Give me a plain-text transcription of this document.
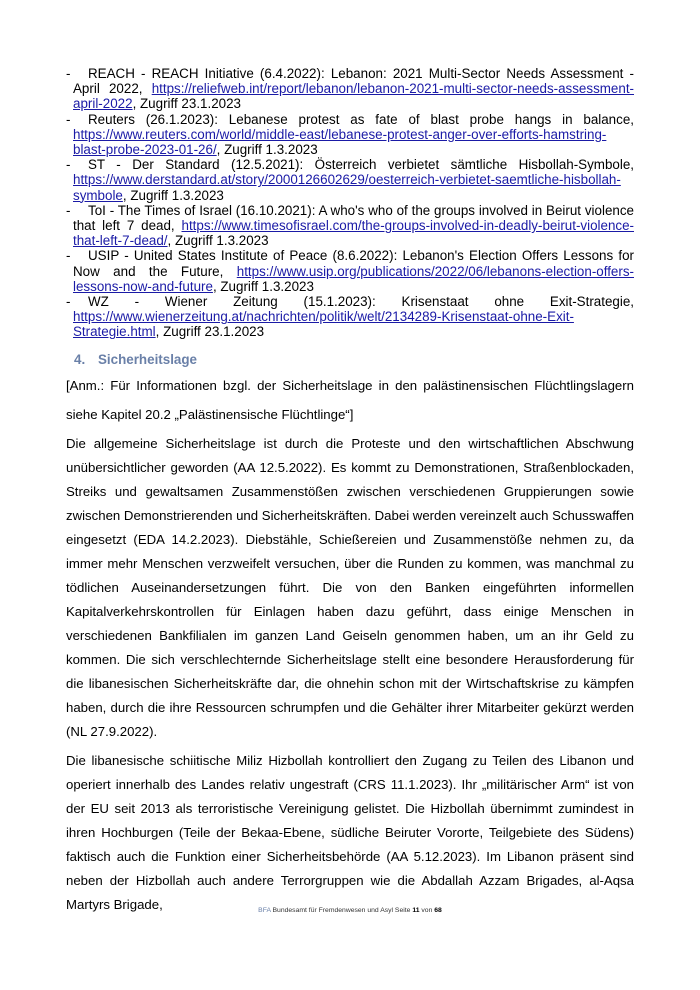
- REACH - REACH Initiative (6.4.2022): Lebanon: 2021 Multi-Sector Needs Assessment - April 2022, https://reliefweb.int/report/lebanon/lebanon-2021-multi-sector-needs-assessment-april-2022, Zugriff 23.1.2023
- Reuters (26.1.2023): Lebanese protest as fate of blast probe hangs in balance, https://www.reuters.com/world/middle-east/lebanese-protest-anger-over-efforts-hamstring-blast-probe-2023-01-26/, Zugriff 1.3.2023
- ST - Der Standard (12.5.2021): Österreich verbietet sämtliche Hisbollah-Symbole, https://www.derstandard.at/story/2000126602629/oesterreich-verbietet-saemtliche-hisbollah-symbole, Zugriff 1.3.2023
- ToI - The Times of Israel (16.10.2021): A who's who of the groups involved in Beirut violence that left 7 dead, https://www.timesofisrael.com/the-groups-involved-in-deadly-beirut-violence-that-left-7-dead/, Zugriff 1.3.2023
- USIP - United States Institute of Peace (8.6.2022): Lebanon's Election Offers Lessons for Now and the Future, https://www.usip.org/publications/2022/06/lebanons-election-offers-lessons-now-and-future, Zugriff 1.3.2023
- WZ - Wiener Zeitung (15.1.2023): Krisenstaat ohne Exit-Strategie, https://www.wienerzeitung.at/nachrichten/politik/welt/2134289-Krisenstaat-ohne-Exit-Strategie.html, Zugriff 23.1.2023
4. Sicherheitslage

[Anm.: Für Informationen bzgl. der Sicherheitslage in den palästinensischen Flüchtlingslagern siehe Kapitel 20.2 „Palästinensische Flüchtlinge“]

Die allgemeine Sicherheitslage ist durch die Proteste und den wirtschaftlichen Abschwung unübersichtlicher geworden (AA 12.5.2022). Es kommt zu Demonstrationen, Straßenblockaden, Streiks und gewaltsamen Zusammenstößen zwischen verschiedenen Gruppierungen sowie zwischen Demonstrierenden und Sicherheitskräften. Dabei werden vereinzelt auch Schusswaffen eingesetzt (EDA 14.2.2023). Diebstähle, Schießereien und Zusammenstöße nehmen zu, da immer mehr Menschen verzweifelt versuchen, über die Runden zu kommen, was manchmal zu tödlichen Auseinandersetzungen führt. Die von den Banken eingeführten informellen Kapitalverkehrskontrollen für Einlagen haben dazu geführt, dass einige Menschen in verschiedenen Bankfilialen im ganzen Land Geiseln genommen haben, um an ihr Geld zu kommen. Die sich verschlechternde Sicherheitslage stellt eine besondere Herausforderung für die libanesischen Sicherheitskräfte dar, die ohnehin schon mit der Wirtschaftskrise zu kämpfen haben, durch die ihre Ressourcen schrumpfen und die Gehälter ihrer Mitarbeiter gekürzt werden (NL 27.9.2022).

Die libanesische schiitische Miliz Hizbollah kontrolliert den Zugang zu Teilen des Libanon und operiert innerhalb des Landes relativ ungestraft (CRS 11.1.2023). Ihr „militärischer Arm“ ist von der EU seit 2013 als terroristische Vereinigung gelistet. Die Hizbollah übernimmt zumindest in ihren Hochburgen (Teile der Bekaa-Ebene, südliche Beiruter Vororte, Teilgebiete des Südens) faktisch auch die Funktion einer Sicherheitsbehörde (AA 5.12.2023). Im Libanon präsent sind neben der Hizbollah auch andere Terrorgruppen wie die Abdallah Azzam Brigades, al-Aqsa Martyrs Brigade,	BFA Bundesamt für Fremdenwesen und Asyl Seite 11 von 68
